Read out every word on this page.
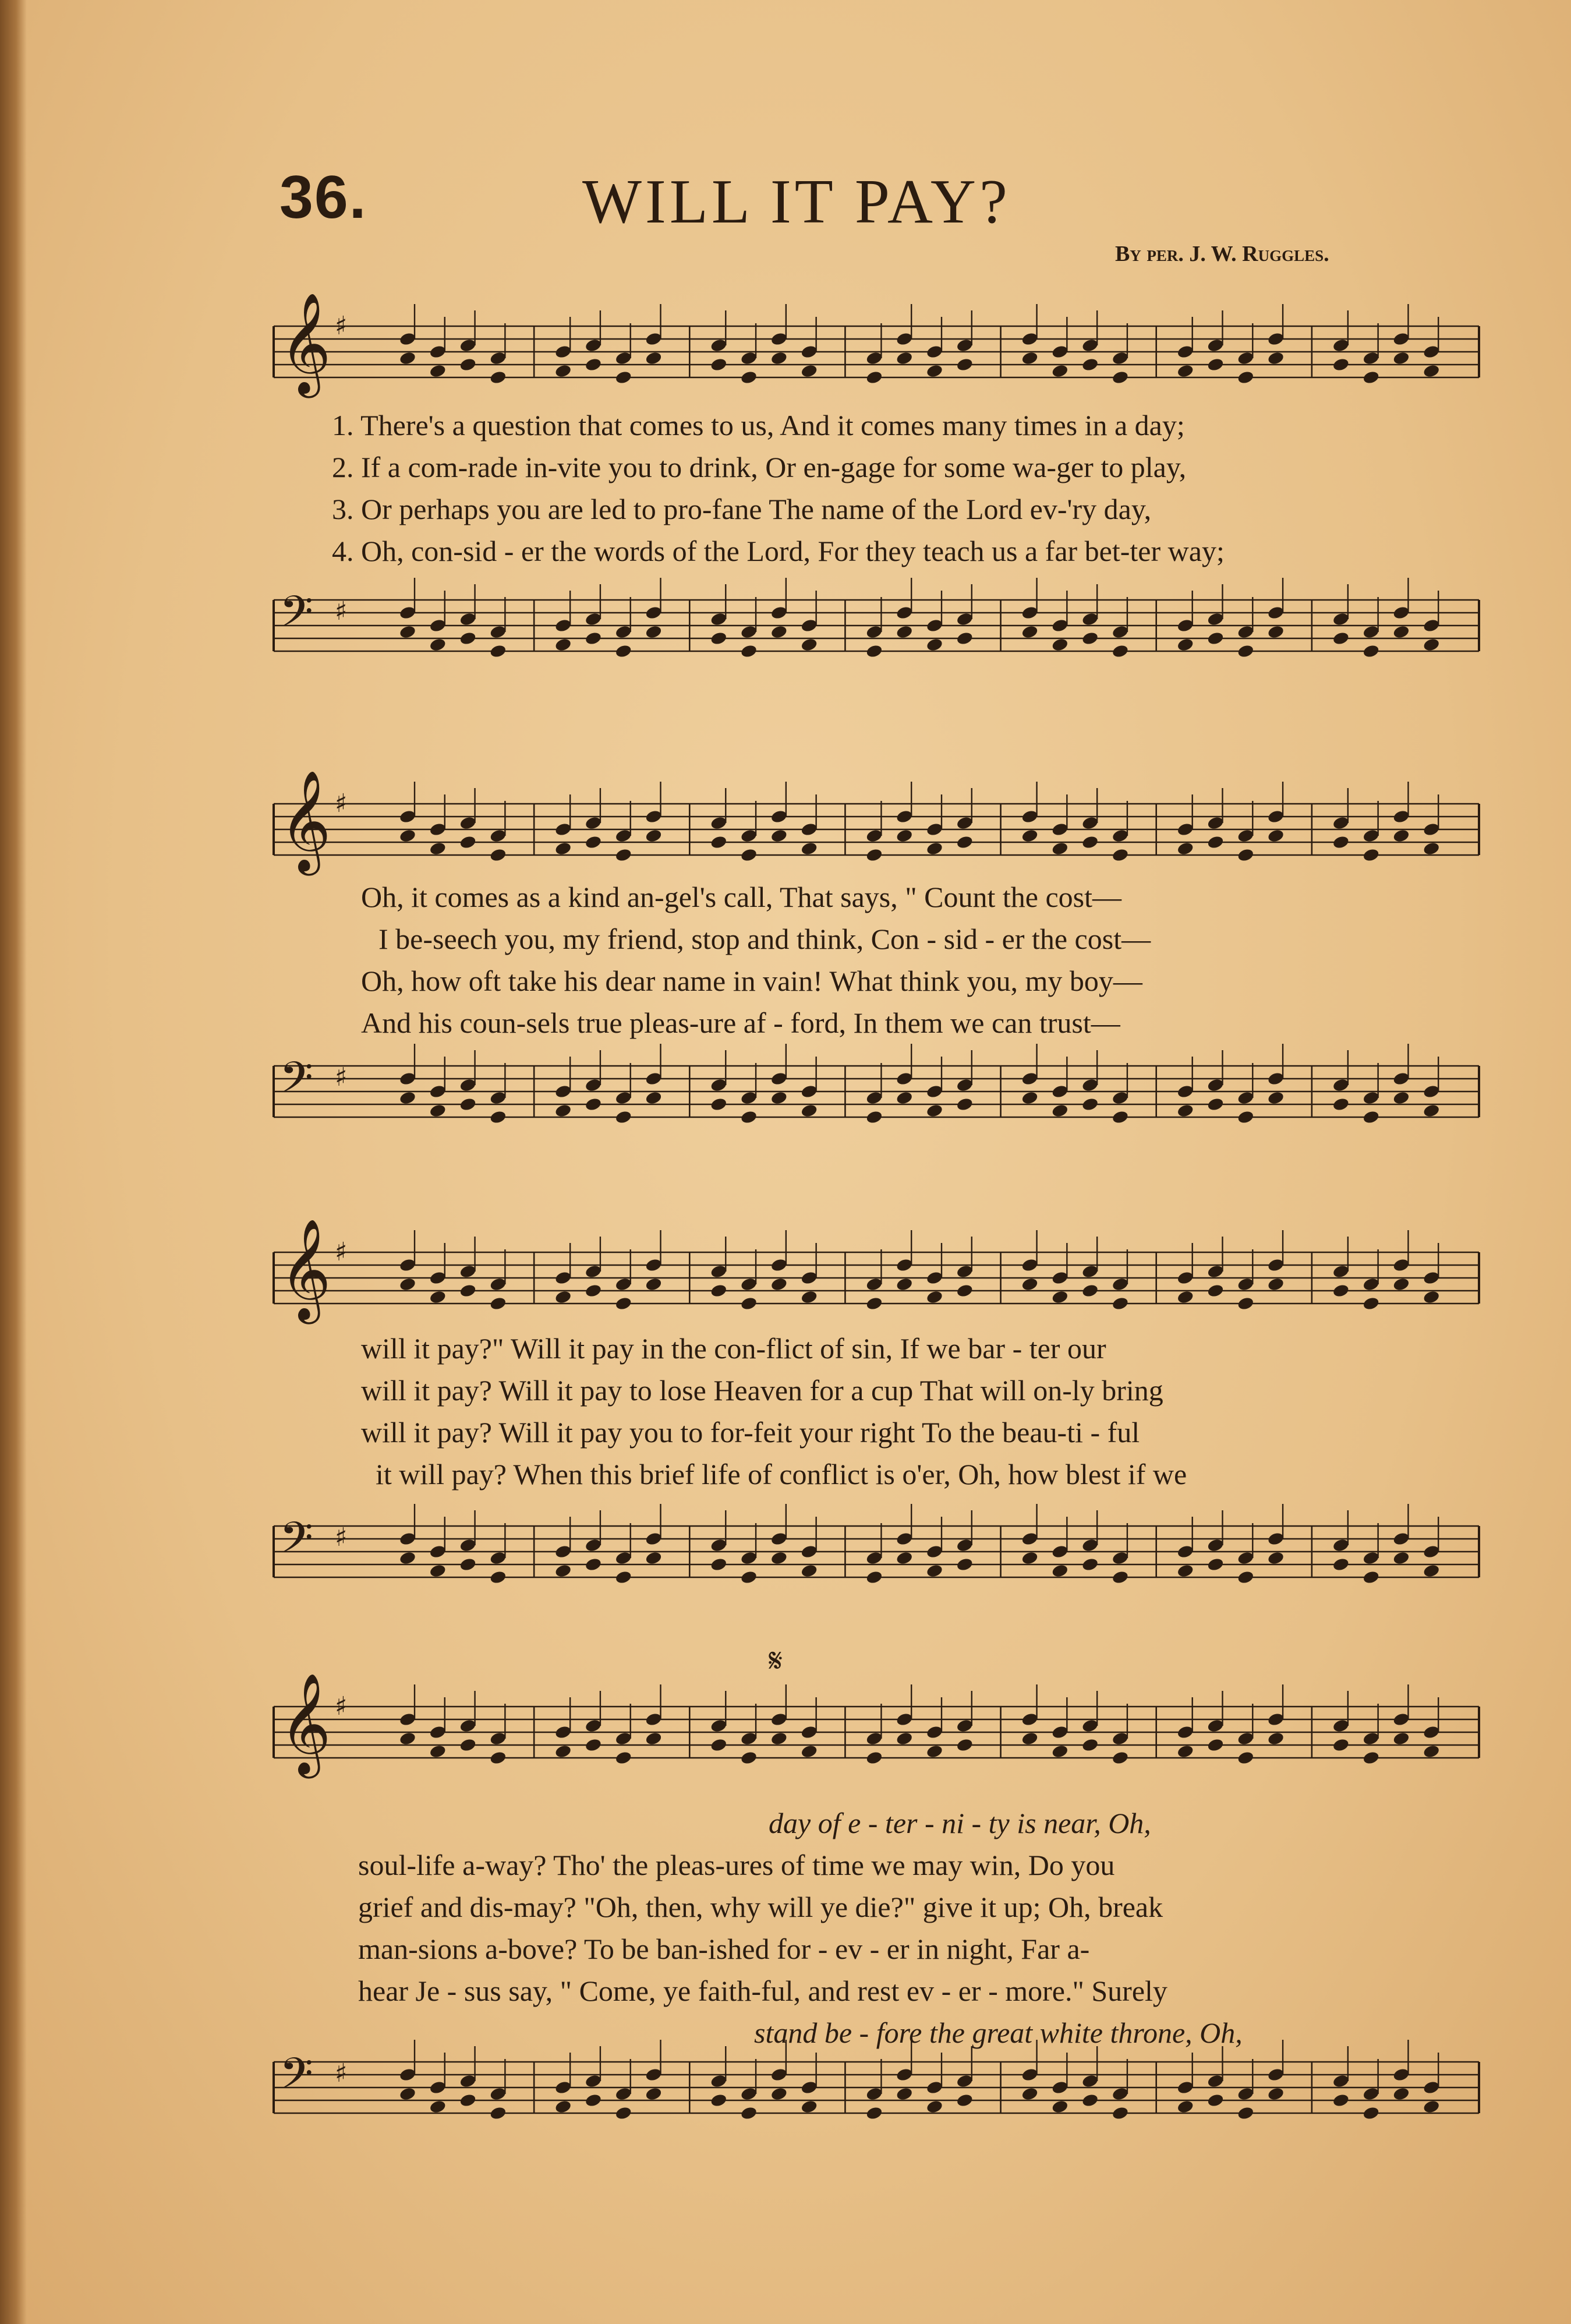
36.	WILL IT PAY?
By per. J. W. Ruggles.
𝄞 ♯
1. There's a question that comes to us, And it comes many times in a day;
2. If a com-rade in-vite you to drink, Or en-gage for some wa-ger to play,
3. Or perhaps you are led to pro-fane The name of the Lord ev-'ry day,
4. Oh, con-sid - er the words of the Lord, For they teach us a far bet-ter way;
𝄢 ♯
𝄞 ♯
Oh, it comes as a kind an-gel's call, That says, " Count the cost—
I be-seech you, my friend, stop and think, Con - sid - er the cost—
Oh, how oft take his dear name in vain! What think you, my boy—
And his coun-sels true pleas-ure af - ford, In them we can trust—
𝄢 ♯
𝄞 ♯
will it pay?" Will it pay in the con-flict of sin, If we bar - ter our
will it pay? Will it pay to lose Heaven for a cup That will on-ly bring
will it pay? Will it pay you to for-feit your right To the beau-ti - ful
it will pay? When this brief life of conflict is o'er, Oh, how blest if we
𝄢 ♯
𝄋
𝄞 ♯
day of e - ter - ni - ty is near, Oh,
soul-life a-way? Tho' the pleas-ures of time we may win, Do you
grief and dis-may? "Oh, then, why will ye die?" give it up; Oh, break
man-sions a-bove? To be ban-ished for - ev - er in night, Far a-
hear Je - sus say, " Come, ye faith-ful, and rest ev - er - more." Surely
stand be - fore the great white throne, Oh,
𝄢 ♯
